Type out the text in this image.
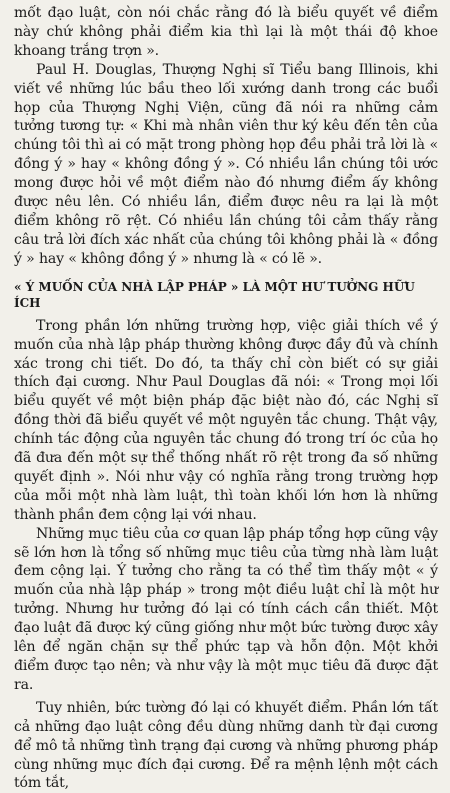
mốt đạo luật, còn nói chắc rằng đó là biểu quyết về điểm này chứ không phải điểm kia thì lại là một thái độ khoe khoang trắng trợn ».

Paul H. Douglas, Thượng Nghị sĩ Tiểu bang Illinois, khi viết về những lúc bầu theo lối xướng danh trong các buổi họp của Thượng Nghị Viện, cũng đã nói ra những cảm tưởng tương tự: « Khi mà nhân viên thư ký kêu đến tên của chúng tôi thì ai có mặt trong phòng họp đều phải trả lời là « đồng ý » hay « không đồng ý ». Có nhiều lần chúng tôi ước mong được hỏi về một điểm nào đó nhưng điểm ấy không được nêu lên. Có nhiều lần, điểm được nêu ra lại là một điểm không rõ rệt. Có nhiều lần chúng tôi cảm thấy rằng câu trả lời đích xác nhất của chúng tôi không phải là « đồng ý » hay « không đồng ý » nhưng là « có lẽ ».

« Ý MUỐN CỦA NHÀ LẬP PHÁP » LÀ MỘT HƯ TƯỞNG HỮU ÍCH

Trong phần lớn những trường hợp, việc giải thích về ý muốn của nhà lập pháp thường không được đầy đủ và chính xác trong chi tiết. Do đó, ta thấy chỉ còn biết có sự giải thích đại cương. Như Paul Douglas đã nói: « Trong mọi lối biểu quyết về một biện pháp đặc biệt nào đó, các Nghị sĩ đồng thời đã biểu quyết về một nguyên tắc chung. Thật vậy, chính tác động của nguyên tắc chung đó trong trí óc của họ đã đưa đến một sự thể thống nhất rõ rệt trong đa số những quyết định ». Nói như vậy có nghĩa rằng trong trường hợp của mỗi một nhà làm luật, thì toàn khối lớn hơn là những thành phần đem cộng lại với nhau.

Những mục tiêu của cơ quan lập pháp tổng hợp cũng vậy sẽ lớn hơn là tổng số những mục tiêu của từng nhà làm luật đem cộng lại. Ý tưởng cho rằng ta có thể tìm thấy một « ý muốn của nhà lập pháp » trong một điều luật chỉ là một hư tưởng. Nhưng hư tưởng đó lại có tính cách cần thiết. Một đạo luật đã được ký cũng giống như một bức tường được xây lên để ngăn chặn sự thể phức tạp và hỗn độn. Một khởi điểm được tạo nên; và như vậy là một mục tiêu đã được đặt ra.

Tuy nhiên, bức tường đó lại có khuyết điểm. Phần lớn tất cả những đạo luật công đều dùng những danh từ đại cương để mô tả những tình trạng đại cương và những phương pháp cùng những mục đích đại cương. Để ra mệnh lệnh một cách tóm tắt,
